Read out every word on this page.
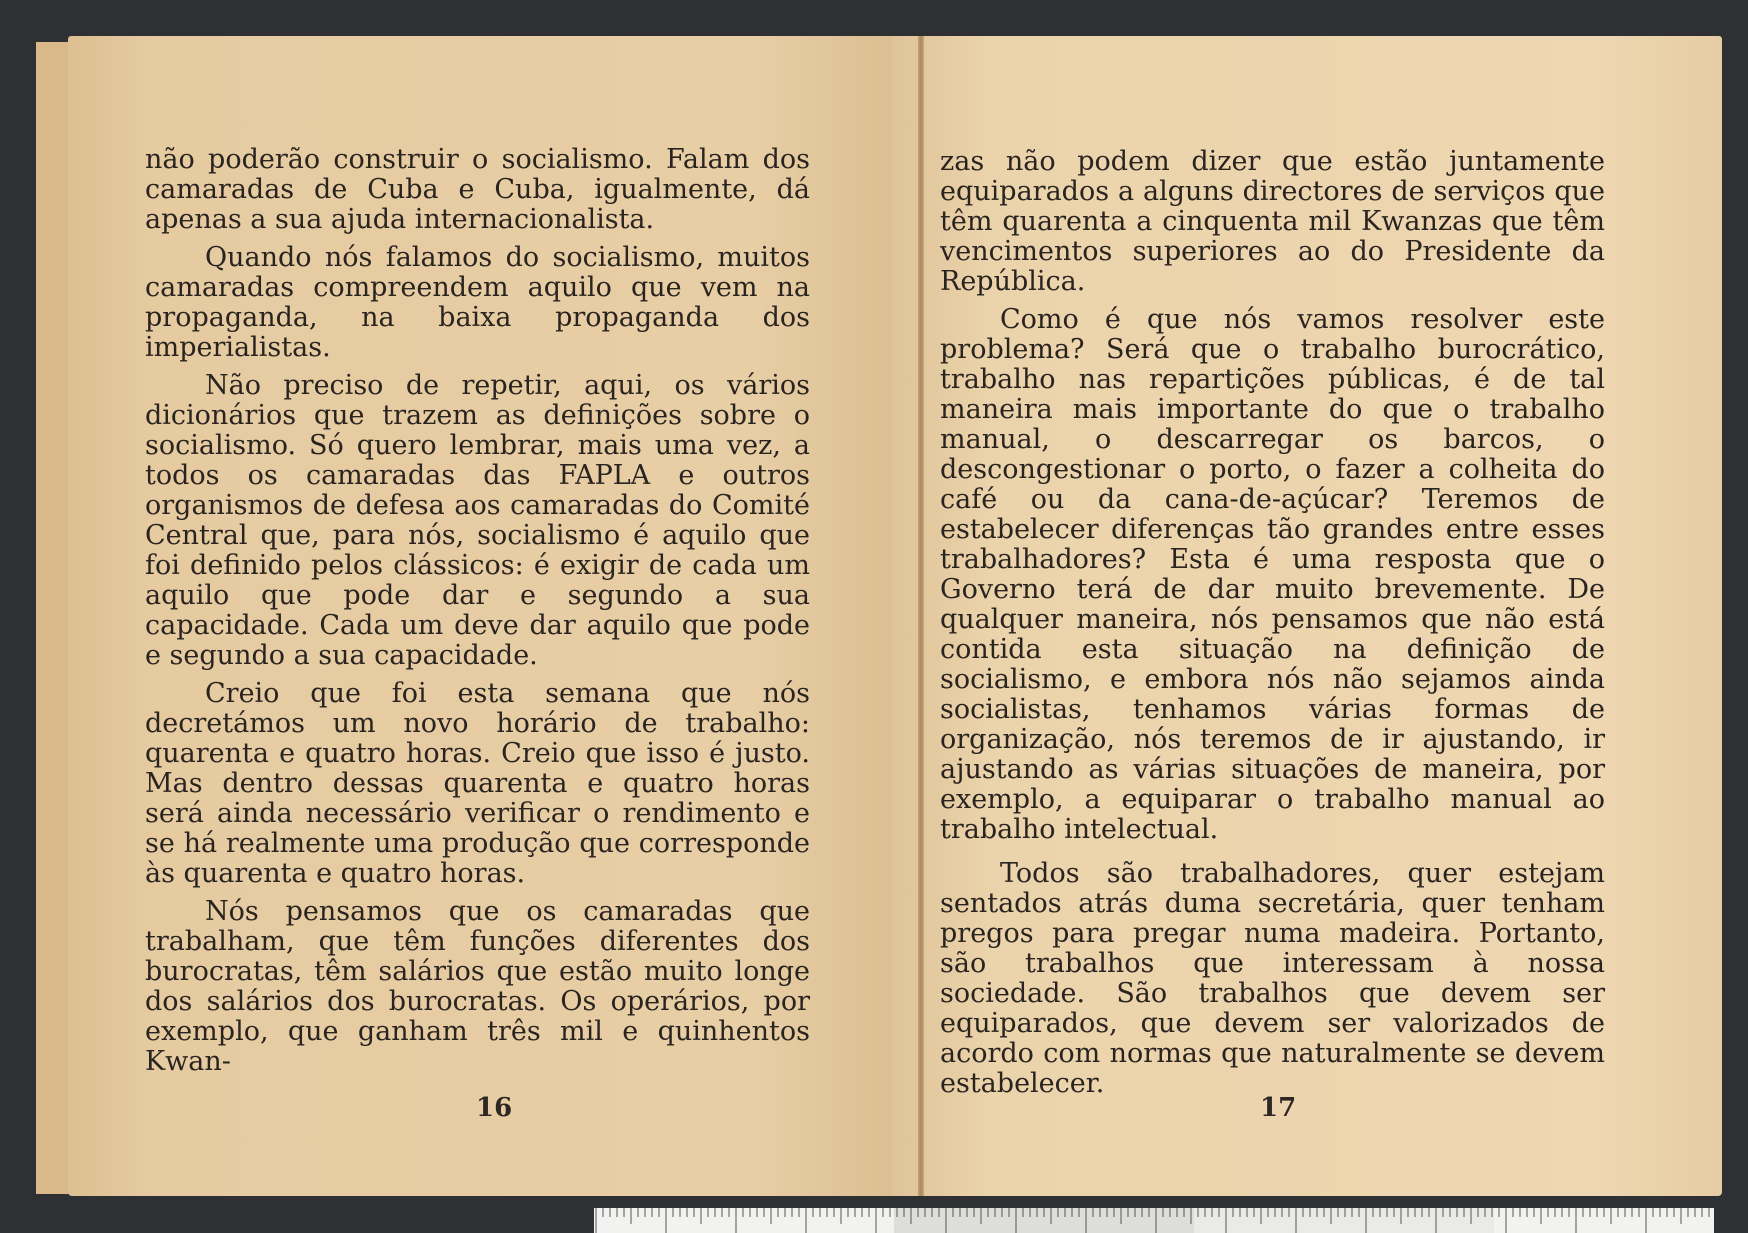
não poderão construir o socialismo. Falam dos camaradas de Cuba e Cuba, igualmente, dá apenas a sua ajuda internacionalista.

Quando nós falamos do socialismo, muitos camaradas compreendem aquilo que vem na propaganda, na baixa propaganda dos imperialistas.

Não preciso de repetir, aqui, os vários dicionários que trazem as definições sobre o socialismo. Só quero lembrar, mais uma vez, a todos os camaradas das FAPLA e outros organismos de defesa aos camaradas do Comité Central que, para nós, socialismo é aquilo que foi definido pelos clássicos: é exigir de cada um aquilo que pode dar e segundo a sua capacidade. Cada um deve dar aquilo que pode e segundo a sua capacidade.

Creio que foi esta semana que nós decretámos um novo horário de trabalho: quarenta e quatro horas. Creio que isso é justo. Mas dentro dessas quarenta e quatro horas será ainda necessário verificar o rendimento e se há realmente uma produção que corresponde às quarenta e quatro horas.

Nós pensamos que os camaradas que trabalham, que têm funções diferentes dos burocratas, têm salários que estão muito longe dos salários dos burocratas. Os operários, por exemplo, que ganham três mil e quinhentos Kwan-

16

zas não podem dizer que estão juntamente equiparados a alguns directores de serviços que têm quarenta a cinquenta mil Kwanzas que têm vencimentos superiores ao do Presidente da República.

Como é que nós vamos resolver este problema? Será que o trabalho burocrático, trabalho nas repartições públicas, é de tal maneira mais importante do que o trabalho manual, o descarregar os barcos, o descongestionar o porto, o fazer a colheita do café ou da cana-de-açúcar? Teremos de estabelecer diferenças tão grandes entre esses trabalhadores? Esta é uma resposta que o Governo terá de dar muito brevemente. De qualquer maneira, nós pensamos que não está contida esta situação na definição de socialismo, e embora nós não sejamos ainda socialistas, tenhamos várias formas de organização, nós teremos de ir ajustando, ir ajustando as várias situações de maneira, por exemplo, a equiparar o trabalho manual ao trabalho intelectual.

Todos são trabalhadores, quer estejam sentados atrás duma secretária, quer tenham pregos para pregar numa madeira. Portanto, são trabalhos que interessam à nossa sociedade. São trabalhos que devem ser equiparados, que devem ser valorizados de acordo com normas que naturalmente se devem estabelecer.

17
